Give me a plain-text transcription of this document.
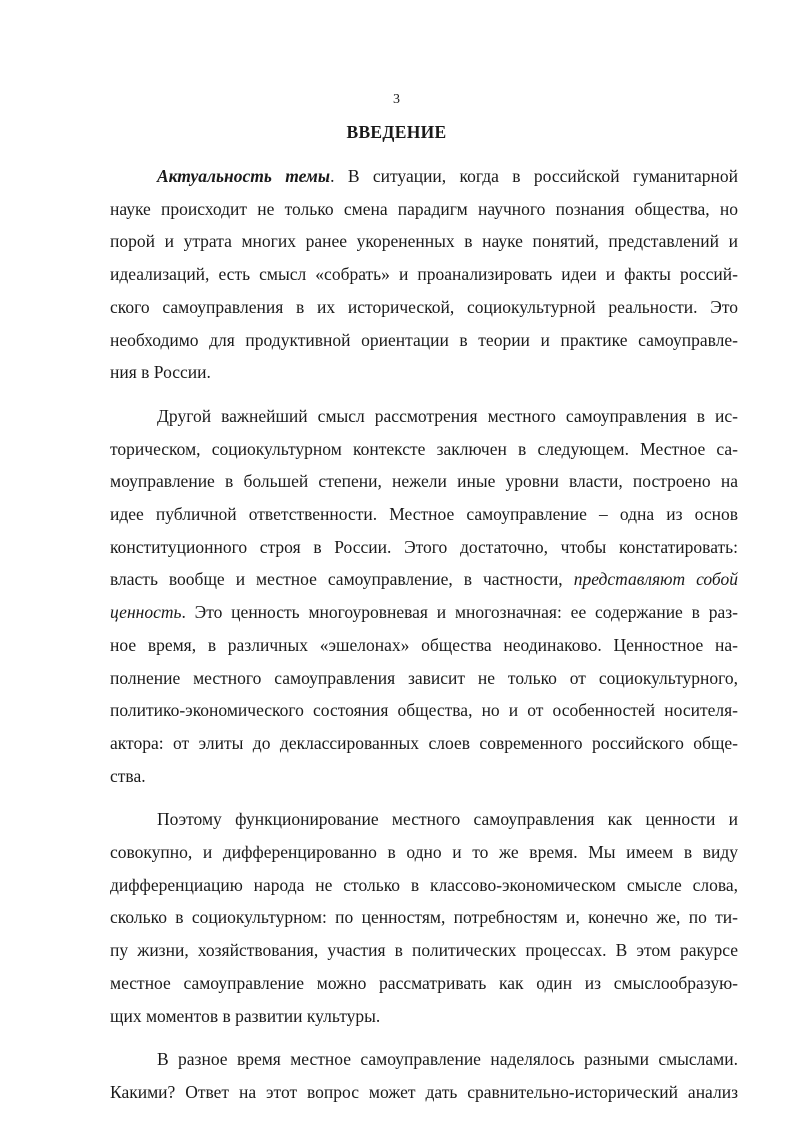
3
ВВЕДЕНИЕ
Актуальность темы. В ситуации, когда в российской гуманитарной
науке происходит не только смена парадигм научного познания общества, но
порой и утрата многих ранее укорененных в науке понятий, представлений и
идеализаций, есть смысл «собрать» и проанализировать идеи и факты россий-
ского самоуправления в их исторической, социокультурной реальности. Это
необходимо для продуктивной ориентации в теории и практике самоуправле-
ния в России.
Другой важнейший смысл рассмотрения местного самоуправления в ис-
торическом, социокультурном контексте заключен в следующем. Местное са-
моуправление в большей степени, нежели иные уровни власти, построено на
идее публичной ответственности. Местное самоуправление – одна из основ
конституционного строя в России. Этого достаточно, чтобы констатировать:
власть вообще и местное самоуправление, в частности, представляют собой
ценность. Это ценность многоуровневая и многозначная: ее содержание в раз-
ное время, в различных «эшелонах» общества неодинаково. Ценностное на-
полнение местного самоуправления зависит не только от социокультурного,
политико-экономического состояния общества, но и от особенностей носителя-
актора: от элиты до деклассированных слоев современного российского обще-
ства.
Поэтому функционирование местного самоуправления как ценности и
совокупно, и дифференцированно в одно и то же время. Мы имеем в виду
дифференциацию народа не столько в классово-экономическом смысле слова,
сколько в социокультурном: по ценностям, потребностям и, конечно же, по ти-
пу жизни, хозяйствования, участия в политических процессах. В этом ракурсе
местное самоуправление можно рассматривать как один из смыслообразую-
щих моментов в развитии культуры.
В разное время местное самоуправление наделялось разными смыслами.
Какими? Ответ на этот вопрос может дать сравнительно-исторический анализ
